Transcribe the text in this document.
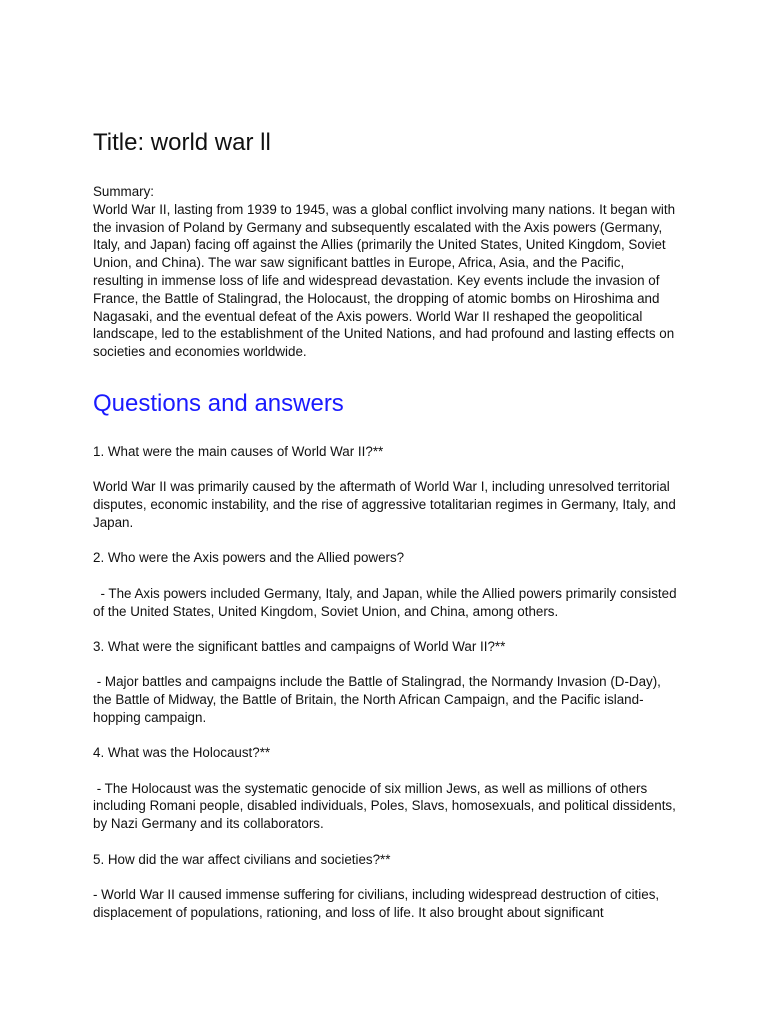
Title: world war ll

Summary:

World War II, lasting from 1939 to 1945, was a global conflict involving many nations. It began with the invasion of Poland by Germany and subsequently escalated with the Axis powers (Germany, Italy, and Japan) facing off against the Allies (primarily the United States, United Kingdom, Soviet Union, and China). The war saw significant battles in Europe, Africa, Asia, and the Pacific, resulting in immense loss of life and widespread devastation. Key events include the invasion of France, the Battle of Stalingrad, the Holocaust, the dropping of atomic bombs on Hiroshima and Nagasaki, and the eventual defeat of the Axis powers. World War II reshaped the geopolitical landscape, led to the establishment of the United Nations, and had profound and lasting effects on societies and economies worldwide.

Questions and answers

1. What were the main causes of World War II?**

World War II was primarily caused by the aftermath of World War I, including unresolved territorial disputes, economic instability, and the rise of aggressive totalitarian regimes in Germany, Italy, and Japan.

2. Who were the Axis powers and the Allied powers?

- The Axis powers included Germany, Italy, and Japan, while the Allied powers primarily consisted of the United States, United Kingdom, Soviet Union, and China, among others.

3. What were the significant battles and campaigns of World War II?**

- Major battles and campaigns include the Battle of Stalingrad, the Normandy Invasion (D-Day), the Battle of Midway, the Battle of Britain, the North African Campaign, and the Pacific island-hopping campaign.

4. What was the Holocaust?**

- The Holocaust was the systematic genocide of six million Jews, as well as millions of others including Romani people, disabled individuals, Poles, Slavs, homosexuals, and political dissidents, by Nazi Germany and its collaborators.

5. How did the war affect civilians and societies?**

- World War II caused immense suffering for civilians, including widespread destruction of cities, displacement of populations, rationing, and loss of life. It also brought about significant
